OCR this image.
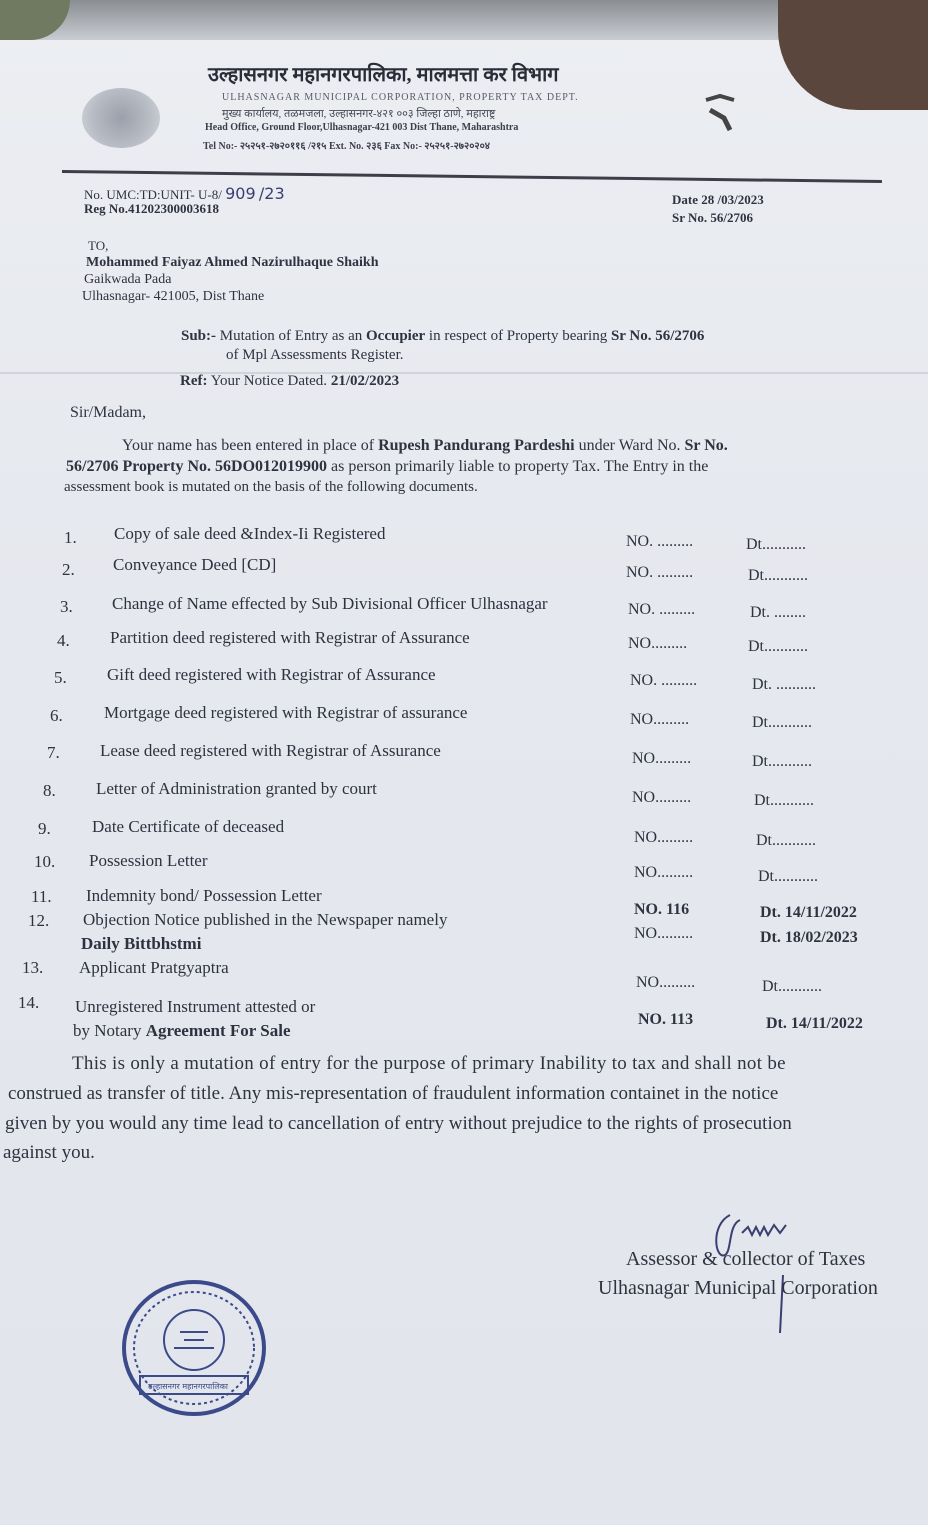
उल्हासनगर महानगरपालिका, मालमत्ता कर विभाग
ULHASNAGAR MUNICIPAL CORPORATION, PROPERTY TAX DEPT.
मुख्य कार्यालय, तळमजला, उल्हासनगर-४२१ ००३ जिल्हा ठाणे, महाराष्ट्र
Head Office, Ground Floor,Ulhasnagar-421 003 Dist Thane, Maharashtra
Tel No:- २५२५१-२७२०११६ /२१५ Ext. No. २३६ Fax No:- २५२५१-२७२०२०४
No. UMC:TD:UNIT- U-8/ 909 /23
Reg No.41202300003618
Date 28 /03/2023
Sr No. 56/2706
TO,
Mohammed Faiyaz Ahmed Nazirulhaque Shaikh
Gaikwada Pada
Ulhasnagar- 421005, Dist Thane
Sub:- Mutation of Entry as an Occupier in respect of Property bearing Sr No. 56/2706
of Mpl Assessments Register.
Ref: Your Notice Dated. 21/02/2023
Sir/Madam,
Your name has been entered in place of Rupesh Pandurang Pardeshi under Ward No. Sr No.
56/2706 Property No. 56DO012019900 as person primarily liable to property Tax. The Entry in the
assessment book is mutated on the basis of the following documents.
1. Copy of sale deed &Index-Ii Registered	NO. .........	Dt...........
2. Conveyance Deed [CD]	NO. .........	Dt...........
3. Change of Name effected by Sub Divisional Officer Ulhasnagar	NO. .........	Dt. ........
4. Partition deed registered with Registrar of Assurance	NO.........	Dt...........
5. Gift deed registered with Registrar of Assurance	NO. .........	Dt. ..........
6. Mortgage deed registered with Registrar of assurance	NO.........	Dt...........
7. Lease deed registered with Registrar of Assurance	NO.........	Dt...........
8. Letter of Administration granted by court	NO.........	Dt...........
9. Date Certificate of deceased
NO.........	Dt...........
10. Possession Letter
NO.........	Dt...........
11. Indemnity bond/ Possession Letter
NO. 116	Dt. 14/11/2022
12. Objection Notice published in the Newspaper namely
Daily Bittbhstmi
NO.........	Dt. 18/02/2023
13. Applicant Pratgyaptra
NO.........	Dt...........
14. Unregistered Instrument attested or
by Notary Agreement For Sale
NO. 113	Dt. 14/11/2022
This is only a mutation of entry for the purpose of primary Inability to tax and shall not be
construed as transfer of title. Any mis-representation of fraudulent information containet in the notice
given by you would any time lead to cancellation of entry without prejudice to the rights of prosecution
against you.
Assessor & collector of Taxes
Ulhasnagar Municipal Corporation
उल्हासनगर महानगरपालिका
